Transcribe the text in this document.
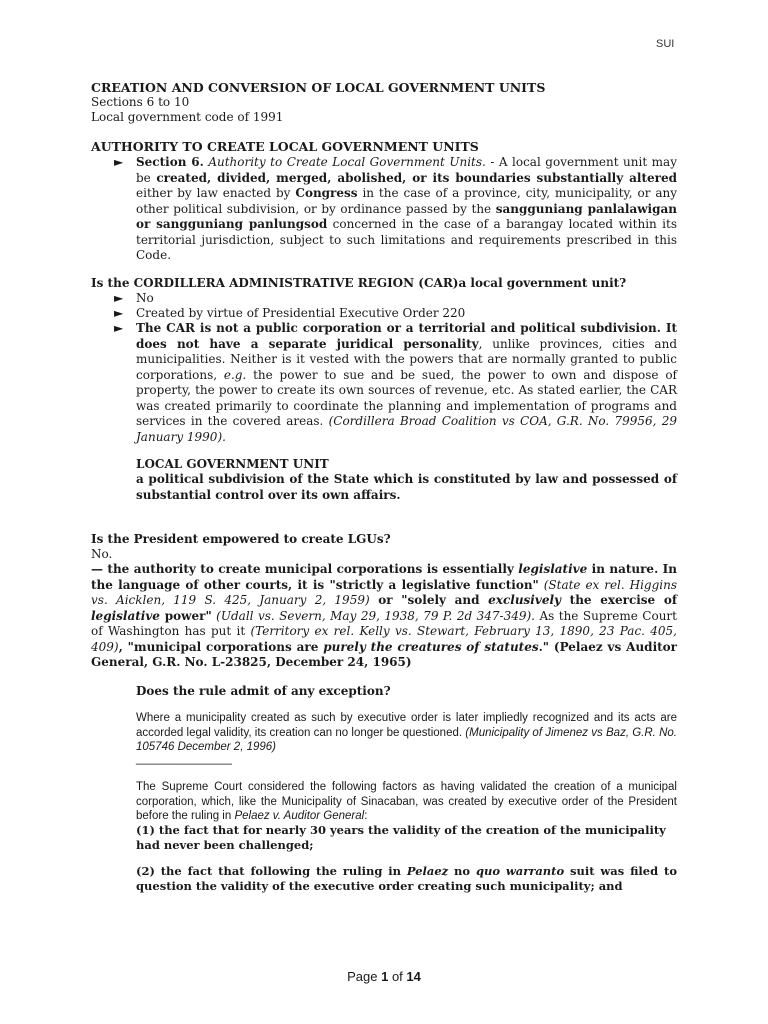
SUI
CREATION AND CONVERSION OF LOCAL GOVERNMENT UNITS
Sections 6 to 10
Local government code of 1991
AUTHORITY TO CREATE LOCAL GOVERNMENT UNITS
► Section 6. Authority to Create Local Government Units. - A local government unit may be created, divided, merged, abolished, or its boundaries substantially altered either by law enacted by Congress in the case of a province, city, municipality, or any other political subdivision, or by ordinance passed by the sangguniang panlalawigan or sangguniang panlungsod concerned in the case of a barangay located within its territorial jurisdiction, subject to such limitations and requirements prescribed in this Code.
Is the CORDILLERA ADMINISTRATIVE REGION (CAR)a local government unit?
► No
► Created by virtue of Presidential Executive Order 220
► The CAR is not a public corporation or a territorial and political subdivision. It does not have a separate juridical personality, unlike provinces, cities and municipalities. Neither is it vested with the powers that are normally granted to public corporations, e.g. the power to sue and be sued, the power to own and dispose of property, the power to create its own sources of revenue, etc. As stated earlier, the CAR was created primarily to coordinate the planning and implementation of programs and services in the covered areas. (Cordillera Broad Coalition vs COA, G.R. No. 79956, 29 January 1990).
LOCAL GOVERNMENT UNIT
a political subdivision of the State which is constituted by law and possessed of substantial control over its own affairs.
Is the President empowered to create LGUs?
No.
— the authority to create municipal corporations is essentially legislative in nature. In the language of other courts, it is "strictly a legislative function" (State ex rel. Higgins vs. Aicklen, 119 S. 425, January 2, 1959) or "solely and exclusively the exercise of legislative power" (Udall vs. Severn, May 29, 1938, 79 P. 2d 347-349). As the Supreme Court of Washington has put it (Territory ex rel. Kelly vs. Stewart, February 13, 1890, 23 Pac. 405, 409), "municipal corporations are purely the creatures of statutes." (Pelaez vs Auditor General, G.R. No. L-23825, December 24, 1965)
Does the rule admit of any exception?
Where a municipality created as such by executive order is later impliedly recognized and its acts are accorded legal validity, its creation can no longer be questioned. (Municipality of Jimenez vs Baz, G.R. No. 105746 December 2, 1996)
_______________
The Supreme Court considered the following factors as having validated the creation of a municipal corporation, which, like the Municipality of Sinacaban, was created by executive order of the President before the ruling in Pelaez v. Auditor General:
(1) the fact that for nearly 30 years the validity of the creation of the municipality had never been challenged;
(2) the fact that following the ruling in Pelaez no quo warranto suit was filed to question the validity of the executive order creating such municipality; and
Page 1 of 14
